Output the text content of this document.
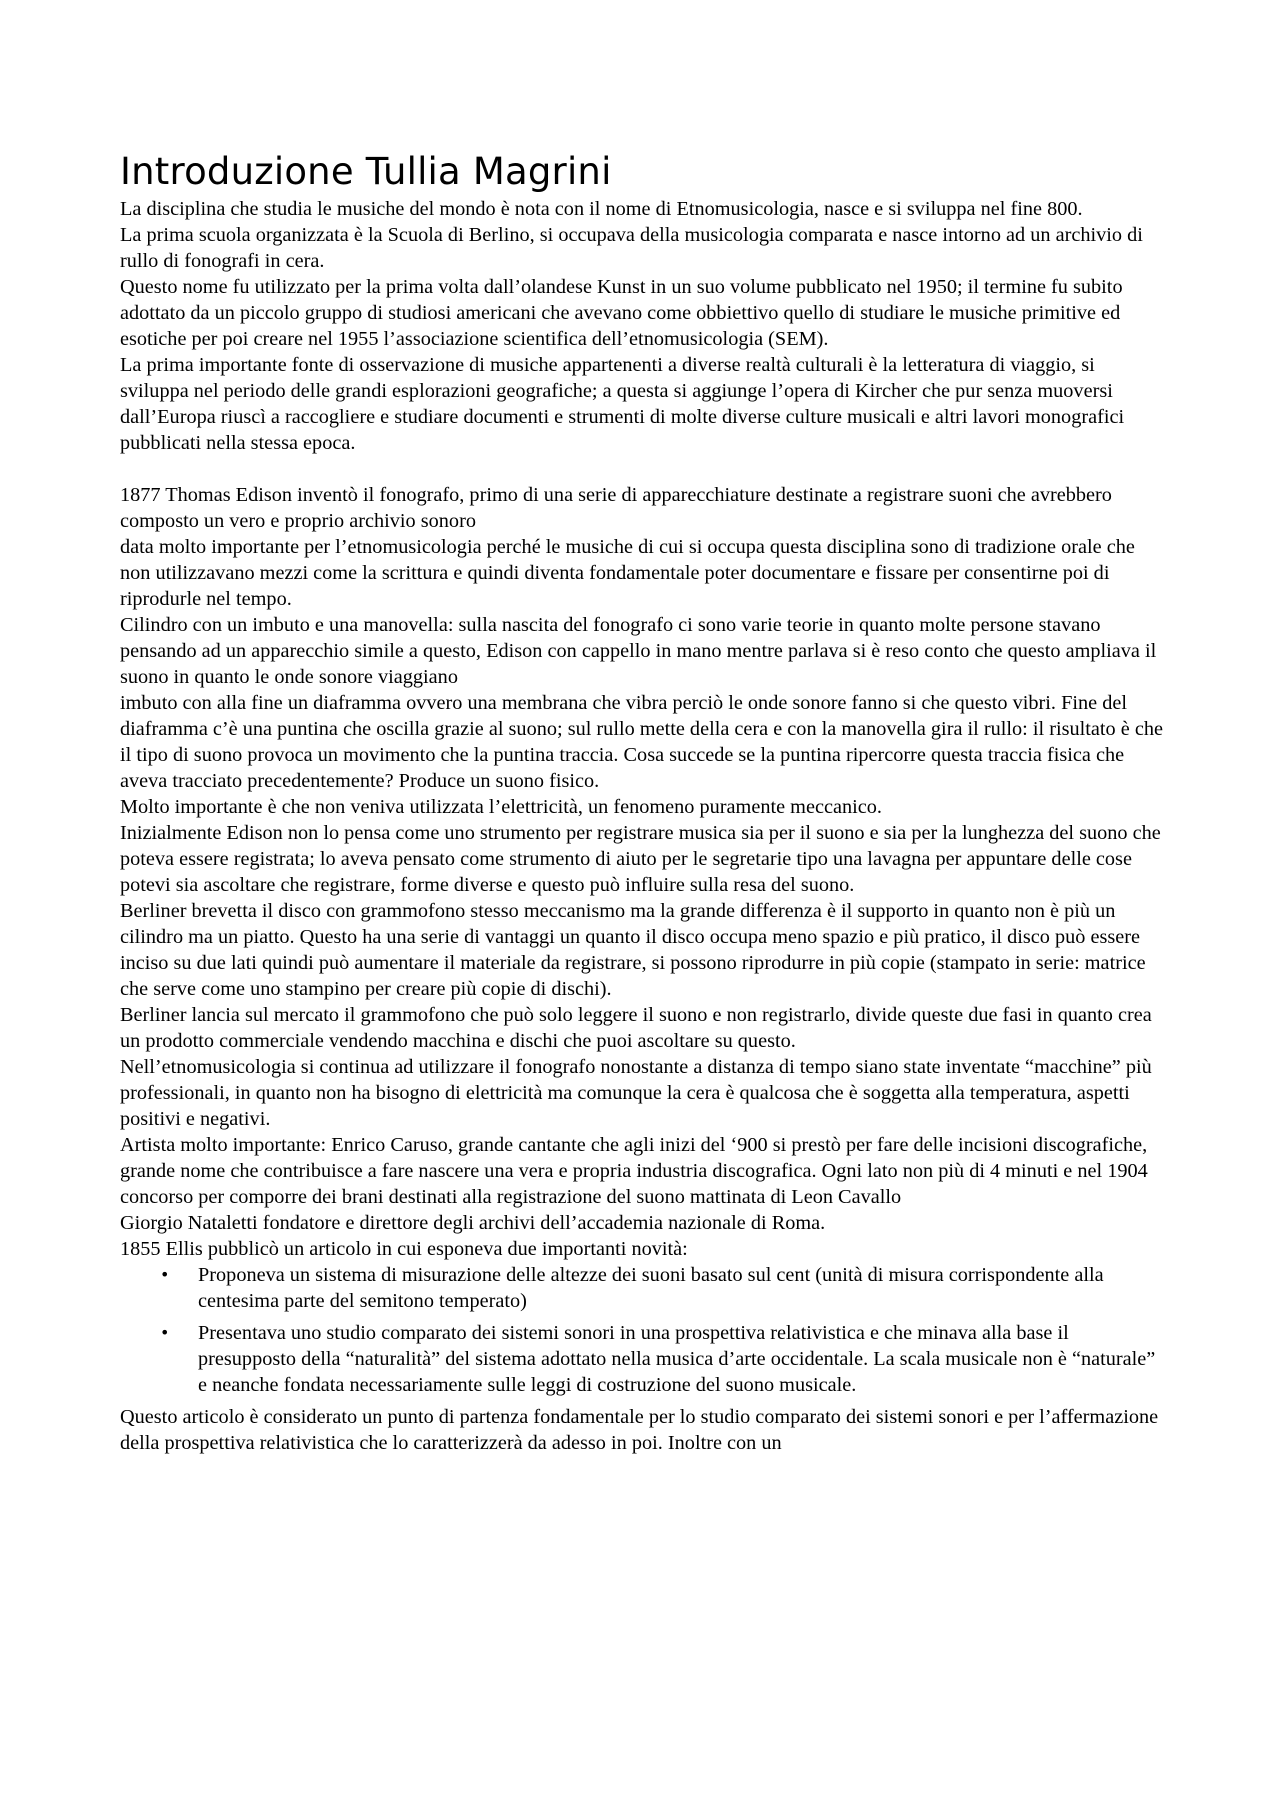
Introduzione Tullia Magrini

La disciplina che studia le musiche del mondo è nota con il nome di Etnomusicologia, nasce e si sviluppa nel fine 800.

La prima scuola organizzata è la Scuola di Berlino, si occupava della musicologia comparata e nasce intorno ad un archivio di rullo di fonografi in cera.

Questo nome fu utilizzato per la prima volta dall’olandese Kunst in un suo volume pubblicato nel 1950; il termine fu subito adottato da un piccolo gruppo di studiosi americani che avevano come obbiettivo quello di studiare le musiche primitive ed esotiche per poi creare nel 1955 l’associazione scientifica dell’etnomusicologia (SEM).

La prima importante fonte di osservazione di musiche appartenenti a diverse realtà culturali è la letteratura di viaggio, si sviluppa nel periodo delle grandi esplorazioni geografiche; a questa si aggiunge l’opera di Kircher che pur senza muoversi dall’Europa riuscì a raccogliere e studiare documenti e strumenti di molte diverse culture musicali e altri lavori monografici pubblicati nella stessa epoca.

1877 Thomas Edison inventò il fonografo, primo di una serie di apparecchiature destinate a registrare suoni che avrebbero composto un vero e proprio archivio sonoro

data molto importante per l’etnomusicologia perché le musiche di cui si occupa questa disciplina sono di tradizione orale che non utilizzavano mezzi come la scrittura e quindi diventa fondamentale poter documentare e fissare per consentirne poi di riprodurle nel tempo.

Cilindro con un imbuto e una manovella: sulla nascita del fonografo ci sono varie teorie in quanto molte persone stavano pensando ad un apparecchio simile a questo, Edison con cappello in mano mentre parlava si è reso conto che questo ampliava il suono in quanto le onde sonore viaggiano

imbuto con alla fine un diaframma ovvero una membrana che vibra perciò le onde sonore fanno si che questo vibri. Fine del diaframma c’è una puntina che oscilla grazie al suono; sul rullo mette della cera e con la manovella gira il rullo: il risultato è che il tipo di suono provoca un movimento che la puntina traccia. Cosa succede se la puntina ripercorre questa traccia fisica che aveva tracciato precedentemente? Produce un suono fisico.

Molto importante è che non veniva utilizzata l’elettricità, un fenomeno puramente meccanico.

Inizialmente Edison non lo pensa come uno strumento per registrare musica sia per il suono e sia per la lunghezza del suono che poteva essere registrata; lo aveva pensato come strumento di aiuto per le segretarie tipo una lavagna per appuntare delle cose potevi sia ascoltare che registrare, forme diverse e questo può influire sulla resa del suono.

Berliner brevetta il disco con grammofono stesso meccanismo ma la grande differenza è il supporto in quanto non è più un cilindro ma un piatto. Questo ha una serie di vantaggi un quanto il disco occupa meno spazio e più pratico, il disco può essere inciso su due lati quindi può aumentare il materiale da registrare, si possono riprodurre in più copie (stampato in serie: matrice che serve come uno stampino per creare più copie di dischi).

Berliner lancia sul mercato il grammofono che può solo leggere il suono e non registrarlo, divide queste due fasi in quanto crea un prodotto commerciale vendendo macchina e dischi che puoi ascoltare su questo.

Nell’etnomusicologia si continua ad utilizzare il fonografo nonostante a distanza di tempo siano state inventate “macchine” più professionali, in quanto non ha bisogno di elettricità ma comunque la cera è qualcosa che è soggetta alla temperatura, aspetti positivi e negativi.

Artista molto importante: Enrico Caruso, grande cantante che agli inizi del ‘900 si prestò per fare delle incisioni discografiche, grande nome che contribuisce a fare nascere una vera e propria industria discografica. Ogni lato non più di 4 minuti e nel 1904 concorso per comporre dei brani destinati alla registrazione del suono mattinata di Leon Cavallo

Giorgio Nataletti fondatore e direttore degli archivi dell’accademia nazionale di Roma.

1855 Ellis pubblicò un articolo in cui esponeva due importanti novità:

• Proponeva un sistema di misurazione delle altezze dei suoni basato sul cent (unità di misura corrispondente alla centesima parte del semitono temperato)
• Presentava uno studio comparato dei sistemi sonori in una prospettiva relativistica e che minava alla base il presupposto della “naturalità” del sistema adottato nella musica d’arte occidentale. La scala musicale non è “naturale” e neanche fondata necessariamente sulle leggi di costruzione del suono musicale.

Questo articolo è considerato un punto di partenza fondamentale per lo studio comparato dei sistemi sonori e per l’affermazione della prospettiva relativistica che lo caratterizzerà da adesso in poi. Inoltre con un
